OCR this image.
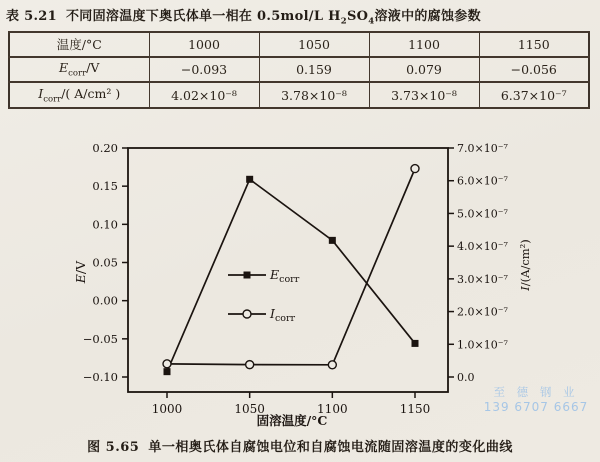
表 5.21 不同固溶温度下奥氏体单一相在 0.5mol/L $H_2SO_4$溶液中的腐蚀参数
温度/°C	1000	1050	1100	1150
$E_{corr}/V$	−0.093	0.159	0.079	−0.056
$I_{corr}/$( A/cm² )	4.02×10⁻⁸	3.78×10⁻⁸	3.73×10⁻⁸	6.37×10⁻⁷
0.20
0.15
0.10
0.05
0.00
−0.05
−0.10
7.0×10⁻⁷
6.0×10⁻⁷
5.0×10⁻⁷
4.0×10⁻⁷
3.0×10⁻⁷
2.0×10⁻⁷
1.0×10⁻⁷
0.0
1000	1050	1100	1150
$E_{corr}$
$I_{corr}$
E/V
I/(A/cm²)
固溶温度/°C
图 5.65 单一相奥氏体自腐蚀电位和自腐蚀电流随固溶温度的变化曲线
至 德 钢 业
139 6707 6667
